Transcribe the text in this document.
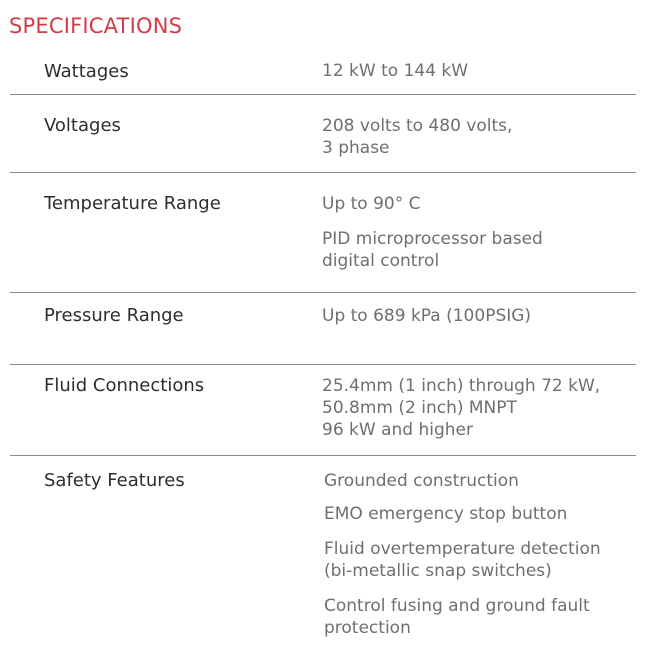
SPECIFICATIONS
Wattages	12 kW to 144 kW
Voltages	208 volts to 480 volts,
3 phase
Temperature Range	Up to 90° C
PID microprocessor based
digital control
Pressure Range	Up to 689 kPa (100PSIG)
Fluid Connections	25.4mm (1 inch) through 72 kW,
50.8mm (2 inch) MNPT
96 kW and higher
Safety Features	Grounded construction
EMO emergency stop button
Fluid overtemperature detection
(bi-metallic snap switches)
Control fusing and ground fault
protection
